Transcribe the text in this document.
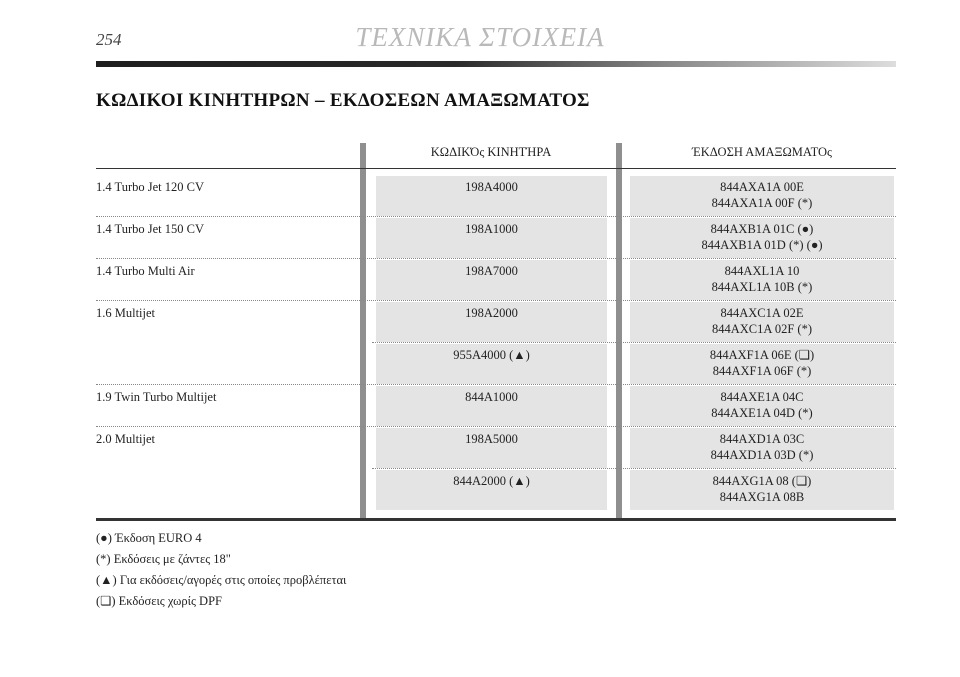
254	ΤΕΧΝΙΚΑ ΣΤΟΙΧΕΙΑ
ΚΩΔΙΚΟΙ ΚΙΝΗΤΗΡΩΝ – ΕΚΔΟΣΕΩΝ ΑΜΑΞΩΜΑΤΟΣ
ΚΩΔΙΚΌς ΚΙΝΗΤΉΡΑ	ΈΚΔΟΣΗ ΑΜΑΞΩΜΑΤΟς
1.4 Turbo Jet 120 CV	198A4000	844AXA1A 00E
844AXA1A 00F (*)
1.4 Turbo Jet 150 CV	198A1000	844AXB1A 01C (●)
844AXB1A 01D (*) (●)
1.4 Turbo Multi Air	198A7000	844AXL1A 10
844AXL1A 10B (*)
1.6 Multijet	198A2000	844AXC1A 02E
844AXC1A 02F (*)
955A4000 (▲)	844AXF1A 06E (❏)
844AXF1A 06F (*)
1.9 Twin Turbo Multijet	844A1000	844AXE1A 04C
844AXE1A 04D (*)
2.0 Multijet	198A5000	844AXD1A 03C
844AXD1A 03D (*)
844A2000 (▲)	844AXG1A 08 (❏)
844AXG1A 08B
(●) Έκδοση EURO 4
(*) Εκδόσεις με ζάντες 18"
(▲) Για εκδόσεις/αγορές στις οποίες προβλέπεται
(❏) Εκδόσεις χωρίς DPF
